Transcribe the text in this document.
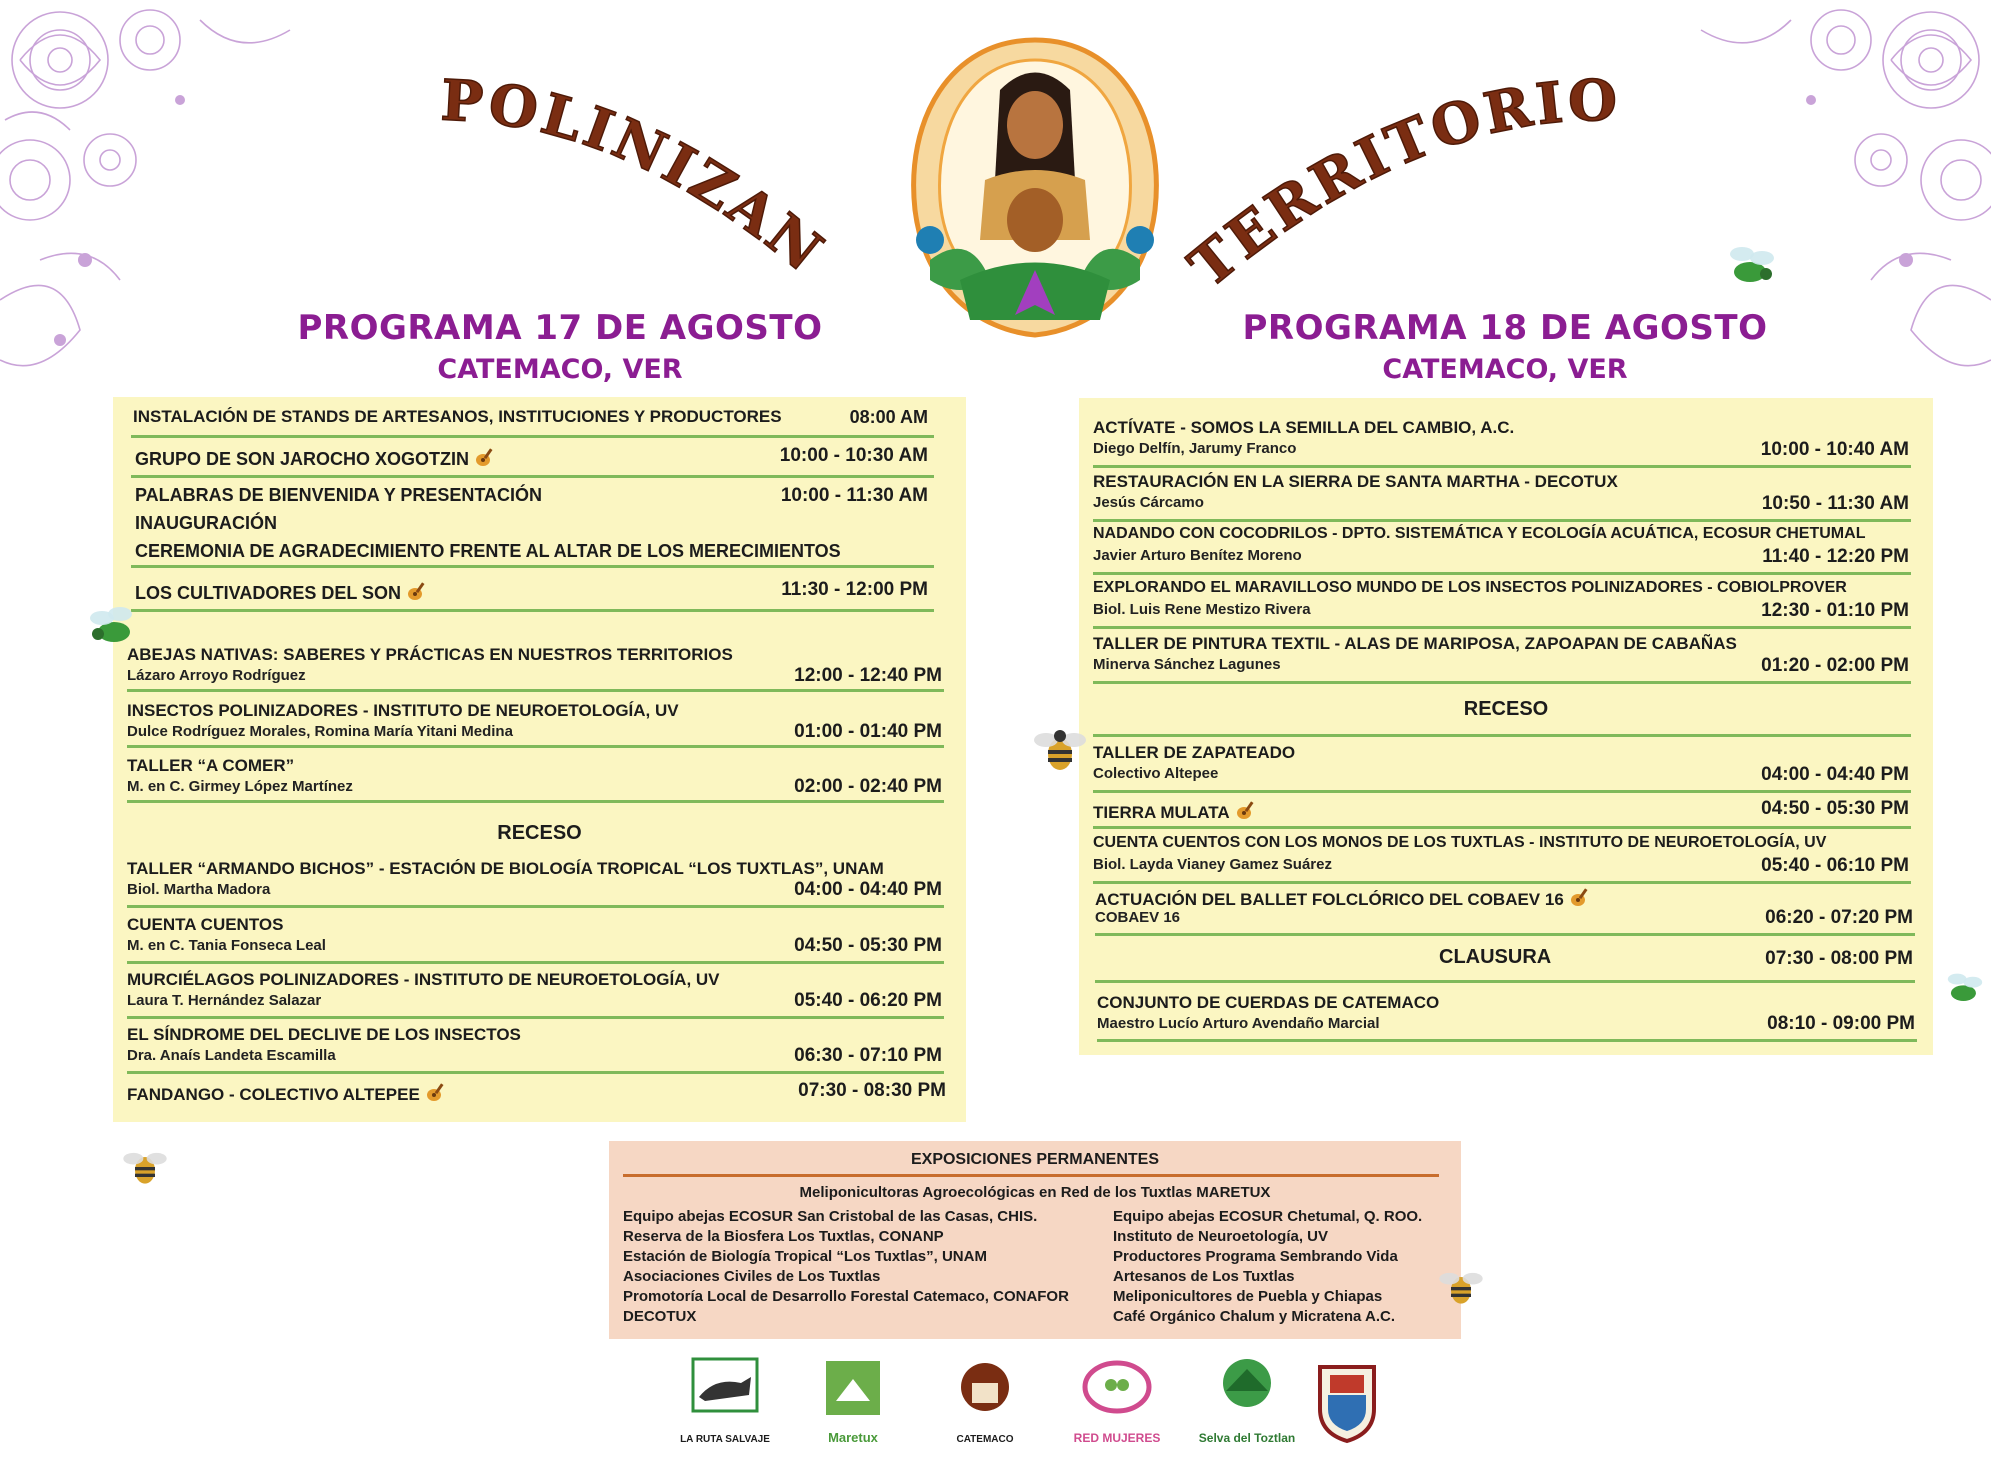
POLINIZANDO
TERRITORIOS
PROGRAMA 17 DE AGOSTO
CATEMACO, VER
PROGRAMA 18 DE AGOSTO
CATEMACO, VER
INSTALACIÓN DE STANDS DE ARTESANOS, INSTITUCIONES Y PRODUCTORES	08:00 AM
GRUPO DE SON JAROCHO XOGOTZIN	10:00 - 10:30 AM
PALABRAS DE BIENVENIDA Y PRESENTACIÓN
INAUGURACIÓN
CEREMONIA DE AGRADECIMIENTO FRENTE AL ALTAR DE LOS MERECIMIENTOS
10:00 - 11:30 AM
LOS CULTIVADORES DEL SON	11:30 - 12:00 PM
ABEJAS NATIVAS: SABERES Y PRÁCTICAS EN NUESTROS TERRITORIOS
Lázaro Arroyo Rodríguez	12:00 - 12:40 PM
INSECTOS POLINIZADORES - INSTITUTO DE NEUROETOLOGÍA, UV
Dulce Rodríguez Morales, Romina María Yitani Medina	01:00 - 01:40 PM
TALLER “A COMER”
M. en C. Girmey López Martínez	02:00 - 02:40 PM
RECESO
TALLER “ARMANDO BICHOS” - ESTACIÓN DE BIOLOGÍA TROPICAL “LOS TUXTLAS”, UNAM
Biol. Martha Madora	04:00 - 04:40 PM
CUENTA CUENTOS
M. en C. Tania Fonseca Leal	04:50 - 05:30 PM
MURCIÉLAGOS POLINIZADORES - INSTITUTO DE NEUROETOLOGÍA, UV
Laura T. Hernández Salazar	05:40 - 06:20 PM
EL SÍNDROME DEL DECLIVE DE LOS INSECTOS
Dra. Anaís Landeta Escamilla	06:30 - 07:10 PM
FANDANGO - COLECTIVO ALTEPEE	07:30 - 08:30 PM
ACTÍVATE - SOMOS LA SEMILLA DEL CAMBIO, A.C.
Diego Delfín, Jarumy Franco	10:00 - 10:40 AM
RESTAURACIÓN EN LA SIERRA DE SANTA MARTHA - DECOTUX
Jesús Cárcamo	10:50 - 11:30 AM
NADANDO CON COCODRILOS - DPTO. SISTEMÁTICA Y ECOLOGÍA ACUÁTICA, ECOSUR CHETUMAL
Javier Arturo Benítez Moreno	11:40 - 12:20 PM
EXPLORANDO EL MARAVILLOSO MUNDO DE LOS INSECTOS POLINIZADORES - COBIOLPROVER
Biol. Luis Rene Mestizo Rivera	12:30 - 01:10 PM
TALLER DE PINTURA TEXTIL - ALAS DE MARIPOSA, ZAPOAPAN DE CABAÑAS
Minerva Sánchez Lagunes	01:20 - 02:00 PM
RECESO
TALLER DE ZAPATEADO
Colectivo Altepee	04:00 - 04:40 PM
TIERRA MULATA	04:50 - 05:30 PM
CUENTA CUENTOS CON LOS MONOS DE LOS TUXTLAS - INSTITUTO DE NEUROETOLOGÍA, UV
Biol. Layda Vianey Gamez Suárez	05:40 - 06:10 PM
ACTUACIÓN DEL BALLET FOLCLÓRICO DEL COBAEV 16
COBAEV 16	06:20 - 07:20 PM
CLAUSURA	07:30 - 08:00 PM
CONJUNTO DE CUERDAS DE CATEMACO
Maestro Lucío Arturo Avendaño Marcial	08:10 - 09:00 PM
EXPOSICIONES PERMANENTES
Meliponicultoras Agroecológicas en Red de los Tuxtlas MARETUX
Equipo abejas ECOSUR San Cristobal de las Casas, CHIS.
Reserva de la Biosfera Los Tuxtlas, CONANP
Estación de Biología Tropical “Los Tuxtlas”, UNAM
Asociaciones Civiles de Los Tuxtlas
Promotoría Local de Desarrollo Forestal Catemaco, CONAFOR
DECOTUX
Equipo abejas ECOSUR Chetumal, Q. ROO.
Instituto de Neuroetología, UV
Productores Programa Sembrando Vida
Artesanos de Los Tuxtlas
Meliponicultores de Puebla y Chiapas
Café Orgánico Chalum y Micratena A.C.
LA RUTA SALVAJE	Maretux	CATEMACO	RED MUJERES	Selva del Toztlan
